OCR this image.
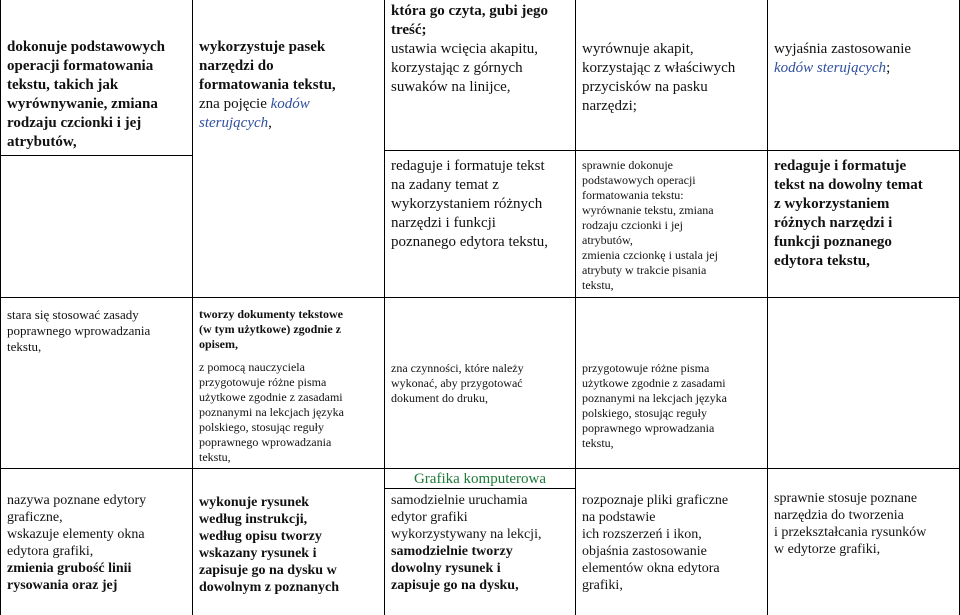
dokonuje podstawowych

operacji formatowania

tekstu, takich jak

wyrównywanie, zmiana

rodzaju czcionki i jej

atrybutów,

wykorzystuje pasek

narzędzi do

formatowania tekstu,

zna pojęcie kodów

sterujących,

która go czyta, gubi jego

treść;

ustawia wcięcia akapitu,

korzystając z górnych

suwaków na linijce,

wyrównuje akapit,

korzystając z właściwych

przycisków na pasku

narzędzi;

wyjaśnia zastosowanie

kodów sterujących;

redaguje i formatuje tekst

na zadany temat z

wykorzystaniem różnych

narzędzi i funkcji

poznanego edytora tekstu,

sprawnie dokonuje

podstawowych operacji

formatowania tekstu:

wyrównanie tekstu, zmiana

rodzaju czcionki i jej

atrybutów,

zmienia czcionkę i ustala jej

atrybuty w trakcie pisania

tekstu,

redaguje i formatuje

tekst na dowolny temat

z wykorzystaniem

różnych narzędzi i

funkcji poznanego

edytora tekstu,

stara się stosować zasady

poprawnego wprowadzania

tekstu,

tworzy dokumenty tekstowe

(w tym użytkowe) zgodnie z

opisem,

z pomocą nauczyciela

przygotowuje różne pisma

użytkowe zgodnie z zasadami

poznanymi na lekcjach języka

polskiego, stosując reguły

poprawnego wprowadzania

tekstu,

zna czynności, które należy

wykonać, aby przygotować

dokument do druku,

przygotowuje różne pisma

użytkowe zgodnie z zasadami

poznanymi na lekcjach języka

polskiego, stosując reguły

poprawnego wprowadzania

tekstu,

Grafika komputerowa

nazywa poznane edytory

graficzne,

wskazuje elementy okna

edytora grafiki,

zmienia grubość linii

rysowania oraz jej

wykonuje rysunek

według instrukcji,

według opisu tworzy

wskazany rysunek i

zapisuje go na dysku w

dowolnym z poznanych

samodzielnie uruchamia

edytor grafiki

wykorzystywany na lekcji,

samodzielnie tworzy

dowolny rysunek i

zapisuje go na dysku,

rozpoznaje pliki graficzne

na podstawie

ich rozszerzeń i ikon,

objaśnia zastosowanie

elementów okna edytora

grafiki,

sprawnie stosuje poznane

narzędzia do tworzenia

i przekształcania rysunków

w edytorze grafiki,
